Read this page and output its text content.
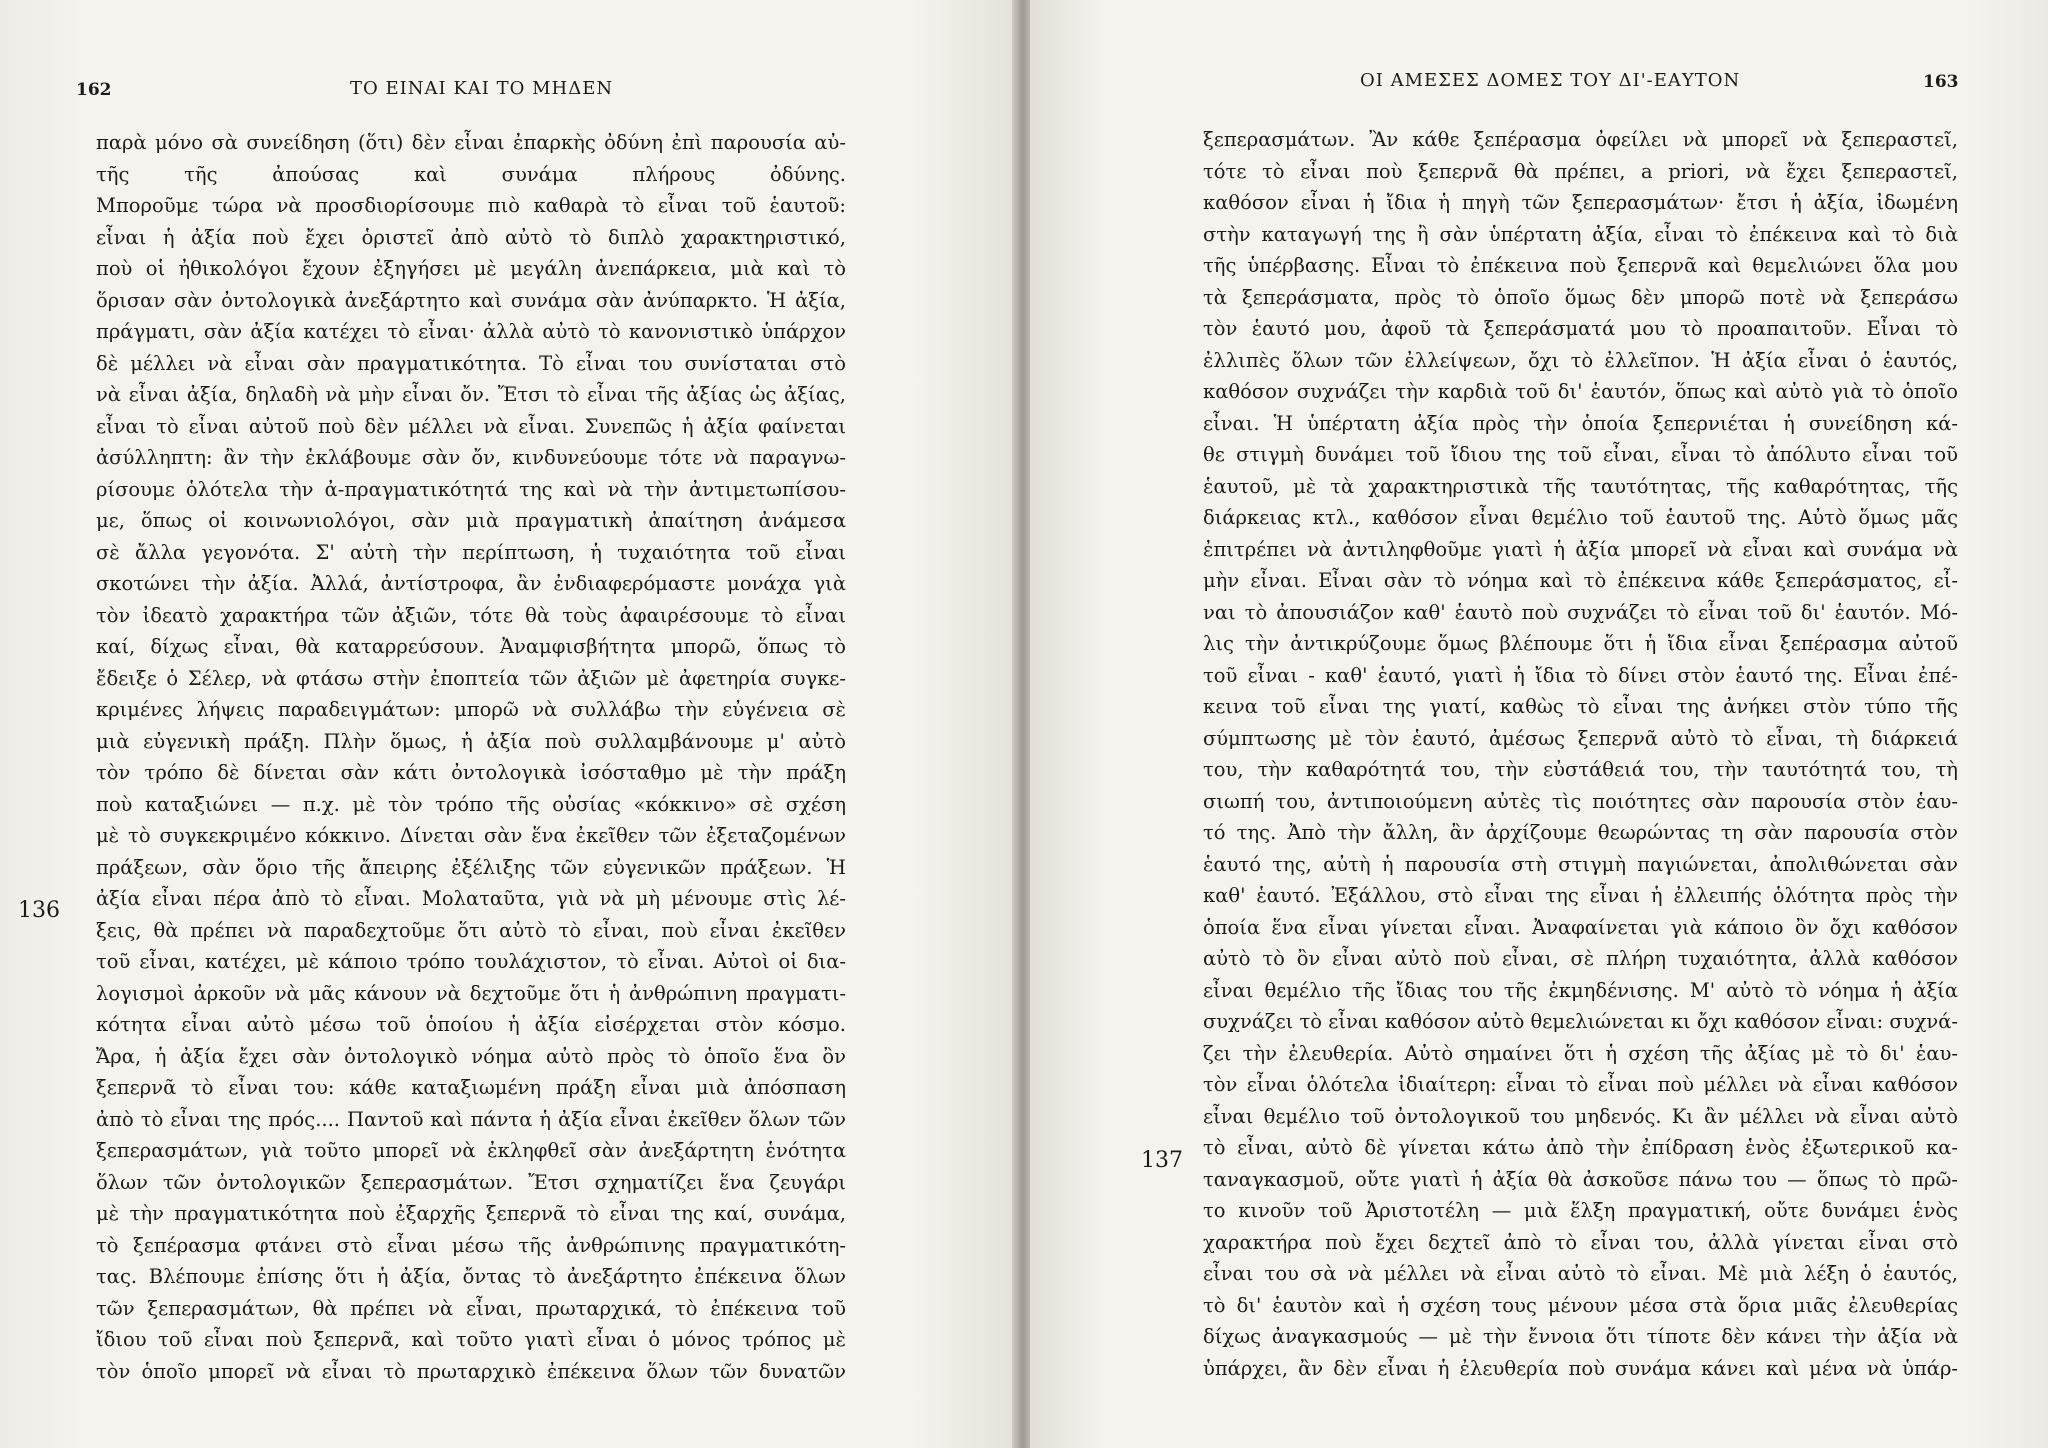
162	ΤΟ ΕΙΝΑΙ ΚΑΙ ΤΟ ΜΗΔΕΝ
136
παρὰ μόνο σὰ συνείδηση (ὅτι) δὲν εἶναι ἐπαρκὴς ὀδύνη ἐπὶ παρουσία αὐ-
τῆς τῆς ἀπούσας καὶ συνάμα πλήρους ὀδύνης.
Μποροῦμε τώρα νὰ προσδιορίσουμε πιὸ καθαρὰ τὸ εἶναι τοῦ ἑαυτοῦ:
εἶναι ἡ ἀξία ποὺ ἔχει ὁριστεῖ ἀπὸ αὐτὸ τὸ διπλὸ χαρακτηριστικό,
ποὺ οἱ ἠθικολόγοι ἔχουν ἐξηγήσει μὲ μεγάλη ἀνεπάρκεια, μιὰ καὶ τὸ
ὅρισαν σὰν ὀντολογικὰ ἀνεξάρτητο καὶ συνάμα σὰν ἀνύπαρκτο. Ἡ ἀξία,
πράγματι, σὰν ἀξία κατέχει τὸ εἶναι· ἀλλὰ αὐτὸ τὸ κανονιστικὸ ὑπάρχον
δὲ μέλλει νὰ εἶναι σὰν πραγματικότητα. Τὸ εἶναι του συνίσταται στὸ
νὰ εἶναι ἀξία, δηλαδὴ νὰ μὴν εἶναι ὄν. Ἔτσι τὸ εἶναι τῆς ἀξίας ὡς ἀξίας,
εἶναι τὸ εἶναι αὐτοῦ ποὺ δὲν μέλλει νὰ εἶναι. Συνεπῶς ἡ ἀξία φαίνεται
ἀσύλληπτη: ἂν τὴν ἐκλάβουμε σὰν ὄν, κινδυνεύουμε τότε νὰ παραγνω-
ρίσουμε ὁλότελα τὴν ἀ-πραγματικότητά της καὶ νὰ τὴν ἀντιμετωπίσου-
με, ὅπως οἱ κοινωνιολόγοι, σὰν μιὰ πραγματικὴ ἀπαίτηση ἀνάμεσα
σὲ ἄλλα γεγονότα. Σ' αὐτὴ τὴν περίπτωση, ἡ τυχαιότητα τοῦ εἶναι
σκοτώνει τὴν ἀξία. Ἀλλά, ἀντίστροφα, ἂν ἐνδιαφερόμαστε μονάχα γιὰ
τὸν ἰδεατὸ χαρακτήρα τῶν ἀξιῶν, τότε θὰ τοὺς ἀφαιρέσουμε τὸ εἶναι
καί, δίχως εἶναι, θὰ καταρρεύσουν. Ἀναμφισβήτητα μπορῶ, ὅπως τὸ
ἔδειξε ὁ Σέλερ, νὰ φτάσω στὴν ἐποπτεία τῶν ἀξιῶν μὲ ἀφετηρία συγκε-
κριμένες λήψεις παραδειγμάτων: μπορῶ νὰ συλλάβω τὴν εὐγένεια σὲ
μιὰ εὐγενικὴ πράξη. Πλὴν ὅμως, ἡ ἀξία ποὺ συλλαμβάνουμε μ' αὐτὸ
τὸν τρόπο δὲ δίνεται σὰν κάτι ὀντολογικὰ ἰσόσταθμο μὲ τὴν πράξη
ποὺ καταξιώνει — π.χ. μὲ τὸν τρόπο τῆς οὐσίας «κόκκινο» σὲ σχέση
μὲ τὸ συγκεκριμένο κόκκινο. Δίνεται σὰν ἕνα ἐκεῖθεν τῶν ἐξεταζομένων
πράξεων, σὰν ὅριο τῆς ἄπειρης ἐξέλιξης τῶν εὐγενικῶν πράξεων. Ἡ
ἀξία εἶναι πέρα ἀπὸ τὸ εἶναι. Μολαταῦτα, γιὰ νὰ μὴ μένουμε στὶς λέ-
ξεις, θὰ πρέπει νὰ παραδεχτοῦμε ὅτι αὐτὸ τὸ εἶναι, ποὺ εἶναι ἐκεῖθεν
τοῦ εἶναι, κατέχει, μὲ κάποιο τρόπο τουλάχιστον, τὸ εἶναι. Αὐτοὶ οἱ δια-
λογισμοὶ ἀρκοῦν νὰ μᾶς κάνουν νὰ δεχτοῦμε ὅτι ἡ ἀνθρώπινη πραγματι-
κότητα εἶναι αὐτὸ μέσω τοῦ ὁποίου ἡ ἀξία εἰσέρχεται στὸν κόσμο.
Ἄρα, ἡ ἀξία ἔχει σὰν ὀντολογικὸ νόημα αὐτὸ πρὸς τὸ ὁποῖο ἕνα ὂν
ξεπερνᾶ τὸ εἶναι του: κάθε καταξιωμένη πράξη εἶναι μιὰ ἀπόσπαση
ἀπὸ τὸ εἶναι της πρός.... Παντοῦ καὶ πάντα ἡ ἀξία εἶναι ἐκεῖθεν ὅλων τῶν
ξεπερασμάτων, γιὰ τοῦτο μπορεῖ νὰ ἐκληφθεῖ σὰν ἀνεξάρτητη ἑνότητα
ὅλων τῶν ὀντολογικῶν ξεπερασμάτων. Ἔτσι σχηματίζει ἕνα ζευγάρι
μὲ τὴν πραγματικότητα ποὺ ἐξαρχῆς ξεπερνᾶ τὸ εἶναι της καί, συνάμα,
τὸ ξεπέρασμα φτάνει στὸ εἶναι μέσω τῆς ἀνθρώπινης πραγματικότη-
τας. Βλέπουμε ἐπίσης ὅτι ἡ ἀξία, ὄντας τὸ ἀνεξάρτητο ἐπέκεινα ὅλων
τῶν ξεπερασμάτων, θὰ πρέπει νὰ εἶναι, πρωταρχικά, τὸ ἐπέκεινα τοῦ
ἴδιου τοῦ εἶναι ποὺ ξεπερνᾶ, καὶ τοῦτο γιατὶ εἶναι ὁ μόνος τρόπος μὲ
τὸν ὁποῖο μπορεῖ νὰ εἶναι τὸ πρωταρχικὸ ἐπέκεινα ὅλων τῶν δυνατῶν
ΟΙ ΑΜΕΣΕΣ ΔΟΜΕΣ ΤΟΥ ΔΙ'-ΕΑΥΤΟΝ	163
137
ξεπερασμάτων. Ἂν κάθε ξεπέρασμα ὀφείλει νὰ μπορεῖ νὰ ξεπεραστεῖ,
τότε τὸ εἶναι ποὺ ξεπερνᾶ θὰ πρέπει, a priori, νὰ ἔχει ξεπεραστεῖ,
καθόσον εἶναι ἡ ἴδια ἡ πηγὴ τῶν ξεπερασμάτων· ἔτσι ἡ ἀξία, ἰδωμένη
στὴν καταγωγή της ἢ σὰν ὑπέρτατη ἀξία, εἶναι τὸ ἐπέκεινα καὶ τὸ διὰ
τῆς ὑπέρβασης. Εἶναι τὸ ἐπέκεινα ποὺ ξεπερνᾶ καὶ θεμελιώνει ὅλα μου
τὰ ξεπεράσματα, πρὸς τὸ ὁποῖο ὅμως δὲν μπορῶ ποτὲ νὰ ξεπεράσω
τὸν ἑαυτό μου, ἀφοῦ τὰ ξεπεράσματά μου τὸ προαπαιτοῦν. Εἶναι τὸ
ἐλλιπὲς ὅλων τῶν ἐλλείψεων, ὄχι τὸ ἐλλεῖπον. Ἡ ἀξία εἶναι ὁ ἑαυτός,
καθόσον συχνάζει τὴν καρδιὰ τοῦ δι' ἑαυτόν, ὅπως καὶ αὐτὸ γιὰ τὸ ὁποῖο
εἶναι. Ἡ ὑπέρτατη ἀξία πρὸς τὴν ὁποία ξεπερνιέται ἡ συνείδηση κά-
θε στιγμὴ δυνάμει τοῦ ἴδιου της τοῦ εἶναι, εἶναι τὸ ἀπόλυτο εἶναι τοῦ
ἑαυτοῦ, μὲ τὰ χαρακτηριστικὰ τῆς ταυτότητας, τῆς καθαρότητας, τῆς
διάρκειας κτλ., καθόσον εἶναι θεμέλιο τοῦ ἑαυτοῦ της. Αὐτὸ ὅμως μᾶς
ἐπιτρέπει νὰ ἀντιληφθοῦμε γιατὶ ἡ ἀξία μπορεῖ νὰ εἶναι καὶ συνάμα νὰ
μὴν εἶναι. Εἶναι σὰν τὸ νόημα καὶ τὸ ἐπέκεινα κάθε ξεπεράσματος, εἶ-
ναι τὸ ἀπουσιάζον καθ' ἑαυτὸ ποὺ συχνάζει τὸ εἶναι τοῦ δι' ἑαυτόν. Μό-
λις τὴν ἀντικρύζουμε ὅμως βλέπουμε ὅτι ἡ ἴδια εἶναι ξεπέρασμα αὐτοῦ
τοῦ εἶναι - καθ' ἑαυτό, γιατὶ ἡ ἴδια τὸ δίνει στὸν ἑαυτό της. Εἶναι ἐπέ-
κεινα τοῦ εἶναι της γιατί, καθὼς τὸ εἶναι της ἀνήκει στὸν τύπο τῆς
σύμπτωσης μὲ τὸν ἑαυτό, ἀμέσως ξεπερνᾶ αὐτὸ τὸ εἶναι, τὴ διάρκειά
του, τὴν καθαρότητά του, τὴν εὐστάθειά του, τὴν ταυτότητά του, τὴ
σιωπή του, ἀντιποιούμενη αὐτὲς τὶς ποιότητες σὰν παρουσία στὸν ἑαυ-
τό της. Ἀπὸ τὴν ἄλλη, ἂν ἀρχίζουμε θεωρώντας τη σὰν παρουσία στὸν
ἑαυτό της, αὐτὴ ἡ παρουσία στὴ στιγμὴ παγιώνεται, ἀπολιθώνεται σὰν
καθ' ἑαυτό. Ἐξάλλου, στὸ εἶναι της εἶναι ἡ ἐλλειπής ὁλότητα πρὸς τὴν
ὁποία ἕνα εἶναι γίνεται εἶναι. Ἀναφαίνεται γιὰ κάποιο ὂν ὄχι καθόσον
αὐτὸ τὸ ὂν εἶναι αὐτὸ ποὺ εἶναι, σὲ πλήρη τυχαιότητα, ἀλλὰ καθόσον
εἶναι θεμέλιο τῆς ἴδιας του τῆς ἐκμηδένισης. Μ' αὐτὸ τὸ νόημα ἡ ἀξία
συχνάζει τὸ εἶναι καθόσον αὐτὸ θεμελιώνεται κι ὄχι καθόσον εἶναι: συχνά-
ζει τὴν ἐλευθερία. Αὐτὸ σημαίνει ὅτι ἡ σχέση τῆς ἀξίας μὲ τὸ δι' ἑαυ-
τὸν εἶναι ὁλότελα ἰδιαίτερη: εἶναι τὸ εἶναι ποὺ μέλλει νὰ εἶναι καθόσον
εἶναι θεμέλιο τοῦ ὀντολογικοῦ του μηδενός. Κι ἂν μέλλει νὰ εἶναι αὐτὸ
τὸ εἶναι, αὐτὸ δὲ γίνεται κάτω ἀπὸ τὴν ἐπίδραση ἑνὸς ἐξωτερικοῦ κα-
ταναγκασμοῦ, οὔτε γιατὶ ἡ ἀξία θὰ ἀσκοῦσε πάνω του — ὅπως τὸ πρῶ-
το κινοῦν τοῦ Ἀριστοτέλη — μιὰ ἕλξη πραγματική, οὔτε δυνάμει ἑνὸς
χαρακτήρα ποὺ ἔχει δεχτεῖ ἀπὸ τὸ εἶναι του, ἀλλὰ γίνεται εἶναι στὸ
εἶναι του σὰ νὰ μέλλει νὰ εἶναι αὐτὸ τὸ εἶναι. Μὲ μιὰ λέξη ὁ ἑαυτός,
τὸ δι' ἑαυτὸν καὶ ἡ σχέση τους μένουν μέσα στὰ ὅρια μιᾶς ἐλευθερίας
δίχως ἀναγκασμούς — μὲ τὴν ἔννοια ὅτι τίποτε δὲν κάνει τὴν ἀξία νὰ
ὑπάρχει, ἂν δὲν εἶναι ἡ ἐλευθερία ποὺ συνάμα κάνει καὶ μένα νὰ ὑπάρ-
